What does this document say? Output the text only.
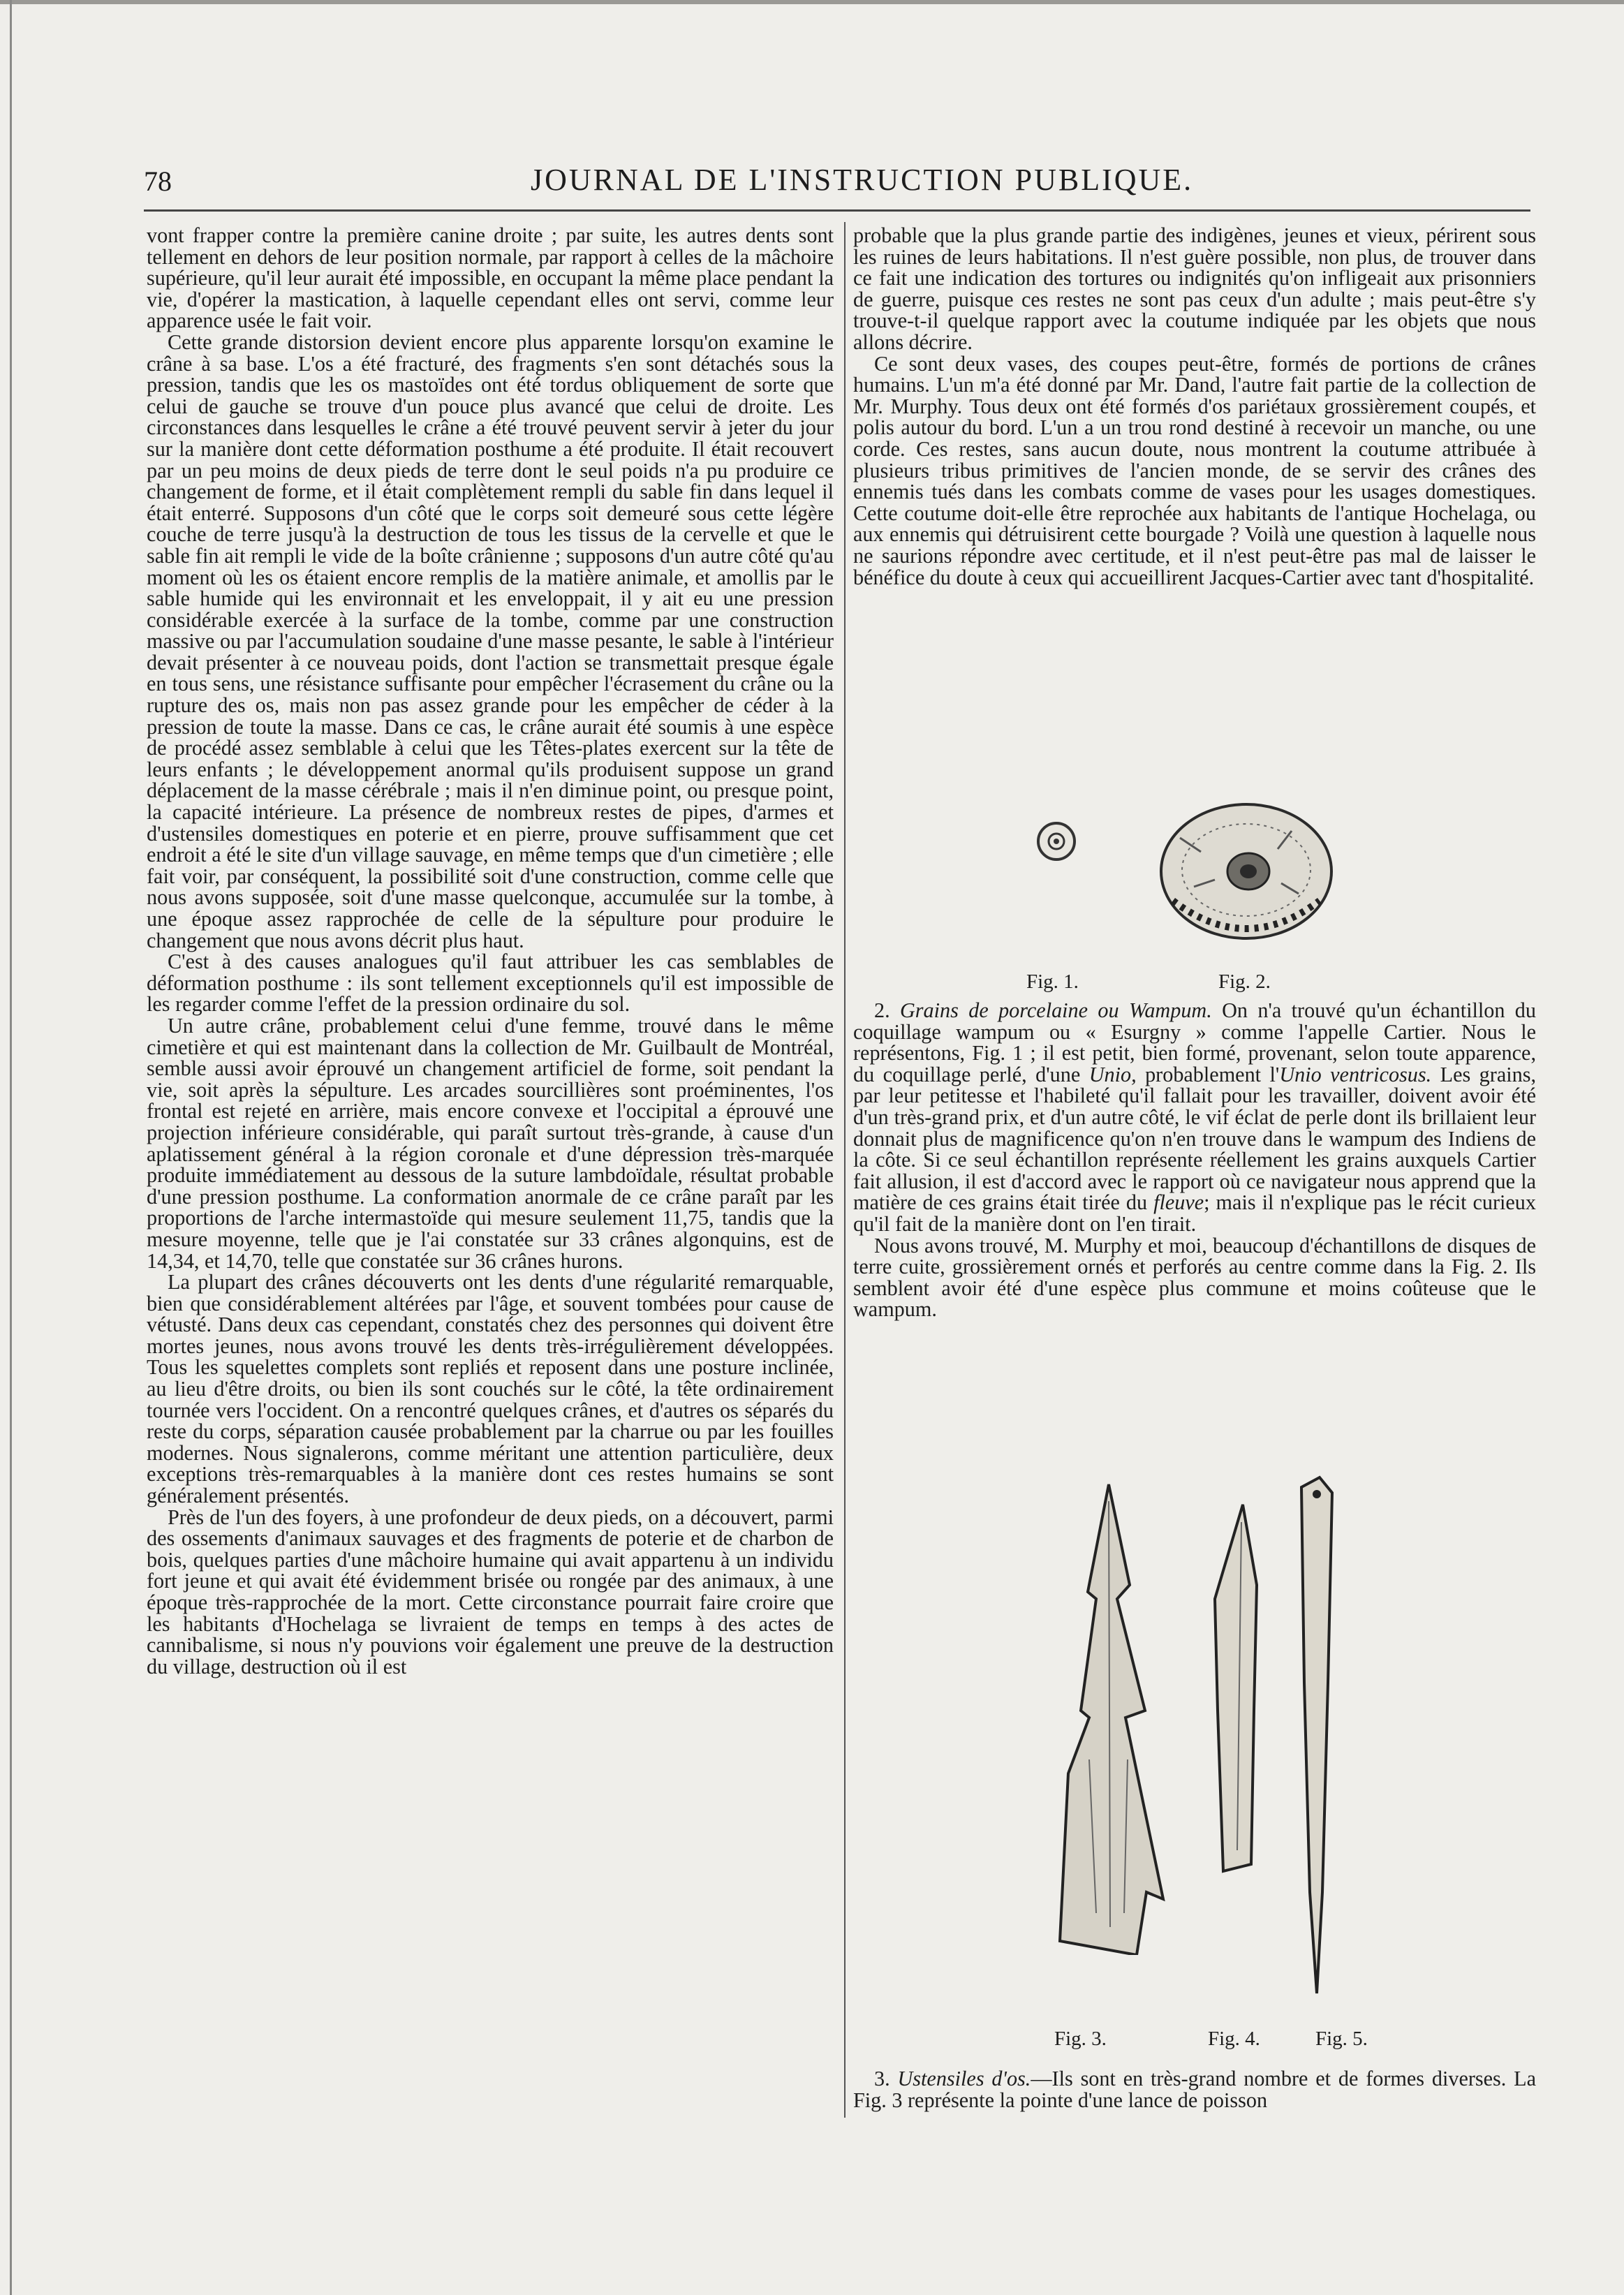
78	JOURNAL DE L'INSTRUCTION PUBLIQUE.

vont frapper contre la première canine droite ; par suite, les autres dents sont tellement en dehors de leur position normale, par rapport à celles de la mâchoire supérieure, qu'il leur aurait été impossible, en occupant la même place pendant la vie, d'opérer la mastication, à laquelle cependant elles ont servi, comme leur apparence usée le fait voir.

Cette grande distorsion devient encore plus apparente lorsqu'on examine le crâne à sa base. L'os a été fracturé, des fragments s'en sont détachés sous la pression, tandis que les os mastoïdes ont été tordus obliquement de sorte que celui de gauche se trouve d'un pouce plus avancé que celui de droite. Les circonstances dans lesquelles le crâne a été trouvé peuvent servir à jeter du jour sur la manière dont cette déformation posthume a été produite. Il était recouvert par un peu moins de deux pieds de terre dont le seul poids n'a pu produire ce changement de forme, et il était complètement rempli du sable fin dans lequel il était enterré. Supposons d'un côté que le corps soit demeuré sous cette légère couche de terre jusqu'à la destruction de tous les tissus de la cervelle et que le sable fin ait rempli le vide de la boîte crânienne ; supposons d'un autre côté qu'au moment où les os étaient encore remplis de la matière animale, et amollis par le sable humide qui les environnait et les enveloppait, il y ait eu une pression considérable exercée à la surface de la tombe, comme par une construction massive ou par l'accumulation soudaine d'une masse pesante, le sable à l'intérieur devait présenter à ce nouveau poids, dont l'action se transmettait presque égale en tous sens, une résistance suffisante pour empêcher l'écrasement du crâne ou la rupture des os, mais non pas assez grande pour les empêcher de céder à la pression de toute la masse. Dans ce cas, le crâne aurait été soumis à une espèce de procédé assez semblable à celui que les Têtes-plates exercent sur la tête de leurs enfants ; le développement anormal qu'ils produisent suppose un grand déplacement de la masse cérébrale ; mais il n'en diminue point, ou presque point, la capacité intérieure. La présence de nombreux restes de pipes, d'armes et d'ustensiles domestiques en poterie et en pierre, prouve suffisamment que cet endroit a été le site d'un village sauvage, en même temps que d'un cimetière ; elle fait voir, par conséquent, la possibilité soit d'une construction, comme celle que nous avons supposée, soit d'une masse quelconque, accumulée sur la tombe, à une époque assez rapprochée de celle de la sépulture pour produire le changement que nous avons décrit plus haut.

C'est à des causes analogues qu'il faut attribuer les cas semblables de déformation posthume : ils sont tellement exceptionnels qu'il est impossible de les regarder comme l'effet de la pression ordinaire du sol.

Un autre crâne, probablement celui d'une femme, trouvé dans le même cimetière et qui est maintenant dans la collection de Mr. Guilbault de Montréal, semble aussi avoir éprouvé un changement artificiel de forme, soit pendant la vie, soit après la sépulture. Les arcades sourcillières sont proéminentes, l'os frontal est rejeté en arrière, mais encore convexe et l'occipital a éprouvé une projection inférieure considérable, qui paraît surtout très-grande, à cause d'un aplatissement général à la région coronale et d'une dépression très-marquée produite immédiatement au dessous de la suture lambdoïdale, résultat probable d'une pression posthume. La conformation anormale de ce crâne paraît par les proportions de l'arche intermastoïde qui mesure seulement 11,75, tandis que la mesure moyenne, telle que je l'ai constatée sur 33 crânes algonquins, est de 14,34, et 14,70, telle que constatée sur 36 crânes hurons.

La plupart des crânes découverts ont les dents d'une régularité remarquable, bien que considérablement altérées par l'âge, et souvent tombées pour cause de vétusté. Dans deux cas cependant, constatés chez des personnes qui doivent être mortes jeunes, nous avons trouvé les dents très-irrégulièrement développées. Tous les squelettes complets sont repliés et reposent dans une posture inclinée, au lieu d'être droits, ou bien ils sont couchés sur le côté, la tête ordinairement tournée vers l'occident. On a rencontré quelques crânes, et d'autres os séparés du reste du corps, séparation causée probablement par la charrue ou par les fouilles modernes. Nous signalerons, comme méritant une attention particulière, deux exceptions très-remarquables à la manière dont ces restes humains se sont généralement présentés.

Près de l'un des foyers, à une profondeur de deux pieds, on a découvert, parmi des ossements d'animaux sauvages et des fragments de poterie et de charbon de bois, quelques parties d'une mâchoire humaine qui avait appartenu à un individu fort jeune et qui avait été évidemment brisée ou rongée par des animaux, à une époque très-rapprochée de la mort. Cette circonstance pourrait faire croire que les habitants d'Hochelaga se livraient de temps en temps à des actes de cannibalisme, si nous n'y pouvions voir également une preuve de la destruction du village, destruction où il est

probable que la plus grande partie des indigènes, jeunes et vieux, périrent sous les ruines de leurs habitations. Il n'est guère possible, non plus, de trouver dans ce fait une indication des tortures ou indignités qu'on infligeait aux prisonniers de guerre, puisque ces restes ne sont pas ceux d'un adulte ; mais peut-être s'y trouve-t-il quelque rapport avec la coutume indiquée par les objets que nous allons décrire.

Ce sont deux vases, des coupes peut-être, formés de portions de crânes humains. L'un m'a été donné par Mr. Dand, l'autre fait partie de la collection de Mr. Murphy. Tous deux ont été formés d'os pariétaux grossièrement coupés, et polis autour du bord. L'un a un trou rond destiné à recevoir un manche, ou une corde. Ces restes, sans aucun doute, nous montrent la coutume attribuée à plusieurs tribus primitives de l'ancien monde, de se servir des crânes des ennemis tués dans les combats comme de vases pour les usages domestiques. Cette coutume doit-elle être reprochée aux habitants de l'antique Hochelaga, ou aux ennemis qui détruisirent cette bourgade ? Voilà une question à laquelle nous ne saurions répondre avec certitude, et il n'est peut-être pas mal de laisser le bénéfice du doute à ceux qui accueillirent Jacques-Cartier avec tant d'hospitalité.

Fig. 1.	Fig. 2.

2. Grains de porcelaine ou Wampum. On n'a trouvé qu'un échantillon du coquillage wampum ou « Esurgny » comme l'appelle Cartier. Nous le représentons, Fig. 1 ; il est petit, bien formé, provenant, selon toute apparence, du coquillage perlé, d'une Unio, probablement l'Unio ventricosus. Les grains, par leur petitesse et l'habileté qu'il fallait pour les travailler, doivent avoir été d'un très-grand prix, et d'un autre côté, le vif éclat de perle dont ils brillaient leur donnait plus de magnificence qu'on n'en trouve dans le wampum des Indiens de la côte. Si ce seul échantillon représente réellement les grains auxquels Cartier fait allusion, il est d'accord avec le rapport où ce navigateur nous apprend que la matière de ces grains était tirée du fleuve; mais il n'explique pas le récit curieux qu'il fait de la manière dont on l'en tirait.

Nous avons trouvé, M. Murphy et moi, beaucoup d'échantillons de disques de terre cuite, grossièrement ornés et perforés au centre comme dans la Fig. 2. Ils semblent avoir été d'une espèce plus commune et moins coûteuse que le wampum.

Fig. 3.	Fig. 4.	Fig. 5.

3. Ustensiles d'os.—Ils sont en très-grand nombre et de formes diverses. La Fig. 3 représente la pointe d'une lance de poisson
